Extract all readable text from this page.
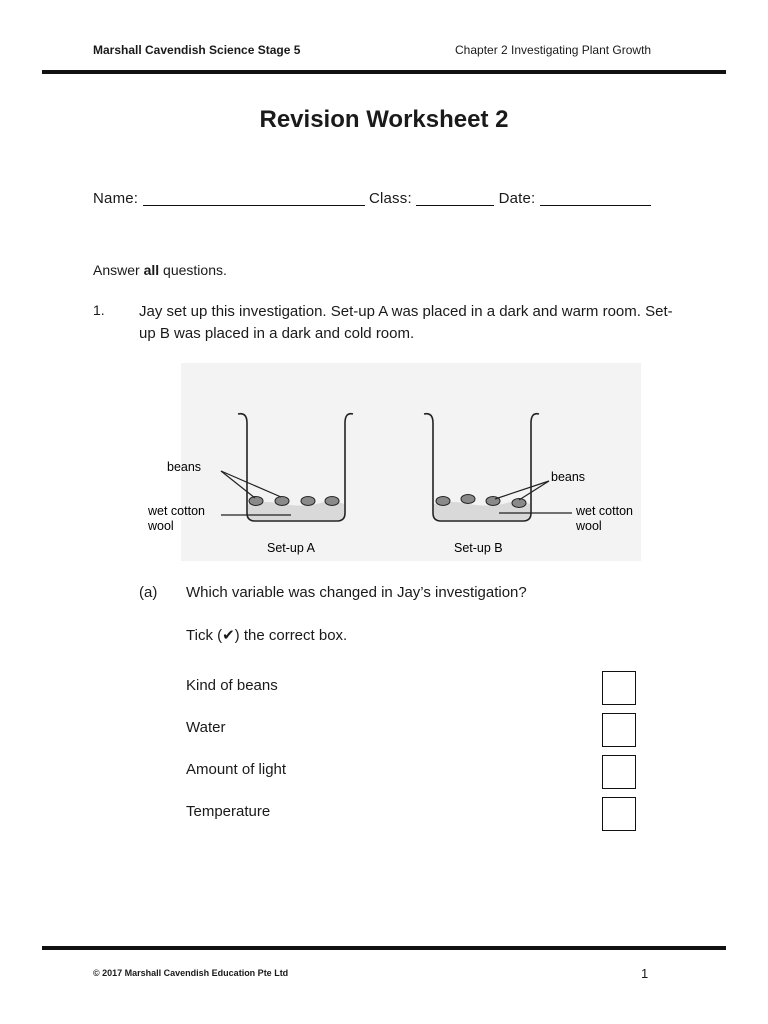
Marshall Cavendish Science Stage 5	Chapter 2 Investigating Plant Growth
Revision Worksheet 2
Name:	Class:	Date:
Answer all questions.
1. Jay set up this investigation. Set-up A was placed in a dark and warm room. Set-up B was placed in a dark and cold room.
beans
wet cotton
wool
Set-up A
beans
wet cotton
wool
Set-up B
(a) Which variable was changed in Jay’s investigation?
Tick (✔) the correct box.
Kind of beans
Water
Amount of light
Temperature
© 2017 Marshall Cavendish Education Pte Ltd	1
